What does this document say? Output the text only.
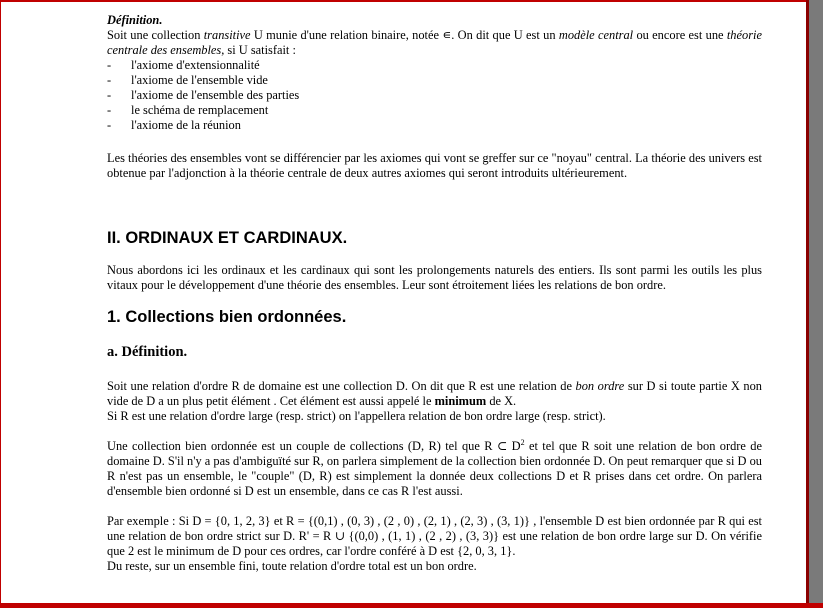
Définition.

Soit une collection transitive U munie d'une relation binaire, notée ∊. On dit que U est un modèle central ou encore est une théorie centrale des ensembles, si U satisfait :

- l'axiome d'extensionnalité
- l'axiome de l'ensemble vide
- l'axiome de l'ensemble des parties
- le schéma de remplacement
- l'axiome de la réunion

Les théories des ensembles vont se différencier par les axiomes qui vont se greffer sur ce "noyau" central. La théorie des univers est obtenue par l'adjonction à la théorie centrale de deux autres axiomes qui seront introduits ultérieurement.

II. ORDINAUX ET CARDINAUX.

Nous abordons ici les ordinaux et les cardinaux qui sont les prolongements naturels des entiers. Ils sont parmi les outils les plus vitaux pour le développement d'une théorie des ensembles. Leur sont étroitement liées les relations de bon ordre.

1. Collections bien ordonnées.
a. Définition.

Soit une relation d'ordre R de domaine est une collection D. On dit que R est une relation de bon ordre sur D si toute partie X non vide de D a un plus petit élément . Cet élément est aussi appelé le minimum de X.
Si R est une relation d'ordre large (resp. strict) on l'appellera relation de bon ordre large (resp. strict).

Une collection bien ordonnée est un couple de collections (D, R) tel que R ⊂ $D^2$ et tel que R soit une relation de bon ordre de domaine D. S'il n'y a pas d'ambiguïté sur R, on parlera simplement de la collection bien ordonnée D. On peut remarquer que si D ou R n'est pas un ensemble, le "couple" (D, R) est simplement la donnée deux collections D et R prises dans cet ordre. On parlera d'ensemble bien ordonné si D est un ensemble, dans ce cas R l'est aussi.

Par exemple : Si D = {0, 1, 2, 3} et R = {(0,1) , (0, 3) , (2 , 0) , (2, 1) , (2, 3) , (3, 1)} , l'ensemble D est bien ordonnée par R qui est une relation de bon ordre strict sur D. R' = R ∪ {(0,0) , (1, 1) , (2 , 2) , (3, 3)} est une relation de bon ordre large sur D. On vérifie que 2 est le minimum de D pour ces ordres, car l'ordre conféré à D est {2, 0, 3, 1}.
Du reste, sur un ensemble fini, toute relation d'ordre total est un bon ordre.
